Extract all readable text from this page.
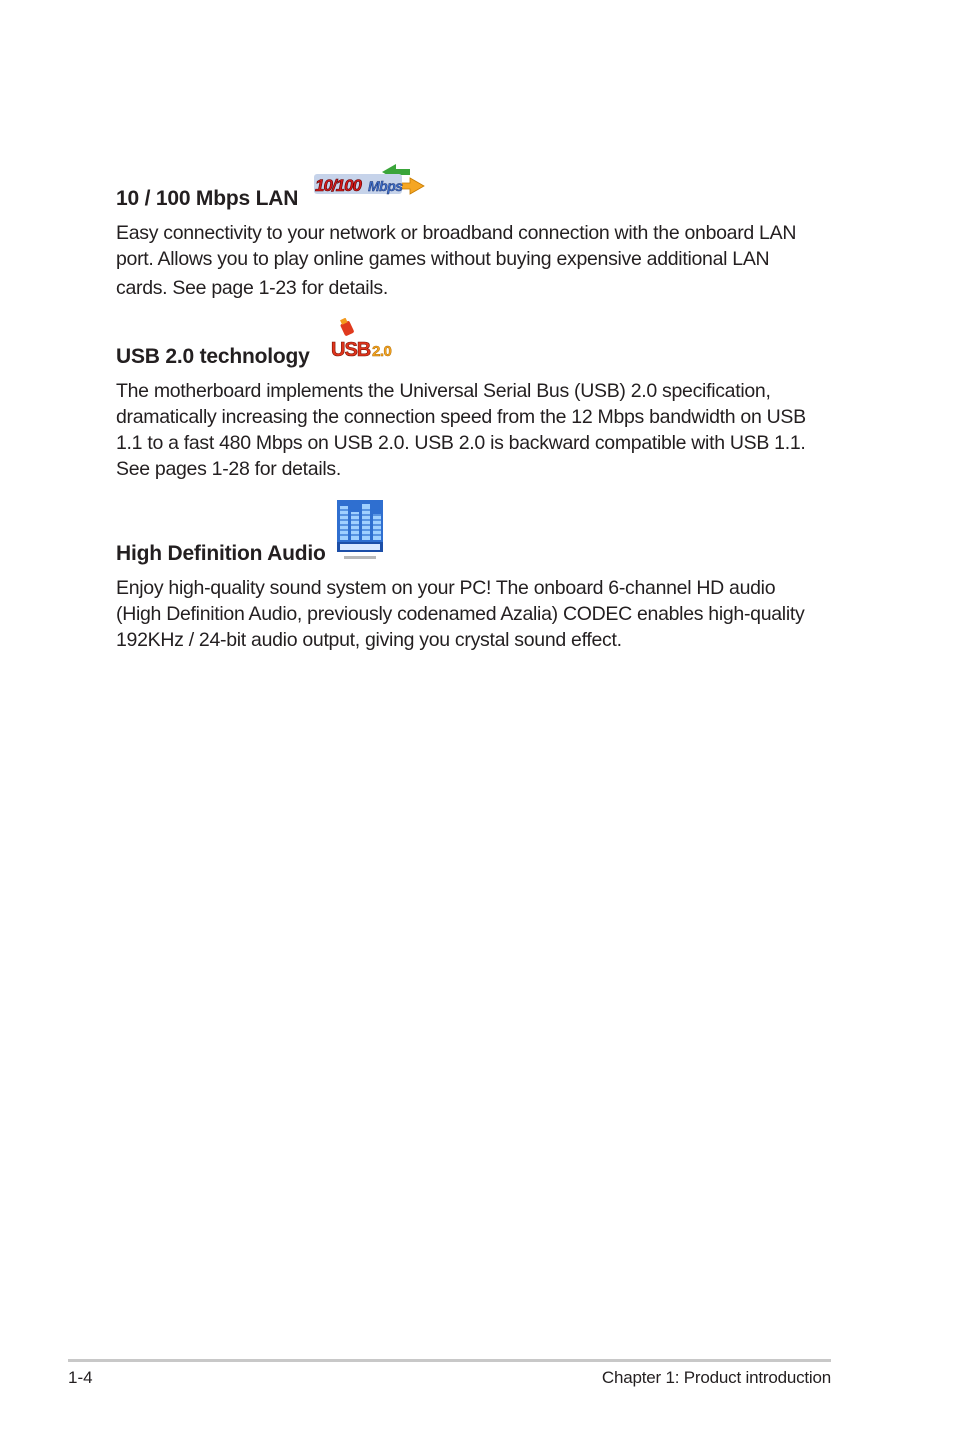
10 / 100 Mbps LAN
10/100 Mbps

Easy connectivity to your network or broadband connection with the onboard LAN
port. Allows you to play online games without buying expensive additional LAN
cards. See page 1-23 for details.

USB 2.0 technology	USB 2.0

The motherboard implements the Universal Serial Bus (USB) 2.0 specification,
dramatically increasing the connection speed from the 12 Mbps bandwidth on USB
1.1 to a fast 480 Mbps on USB 2.0. USB 2.0 is backward compatible with USB 1.1.
See pages 1-28 for details.

High Definition Audio

Enjoy high-quality sound system on your PC! The onboard 6-channel HD audio
(High Definition Audio, previously codenamed Azalia) CODEC enables high-quality
192KHz / 24-bit audio output, giving you crystal sound effect.

1-4	Chapter 1: Product introduction
